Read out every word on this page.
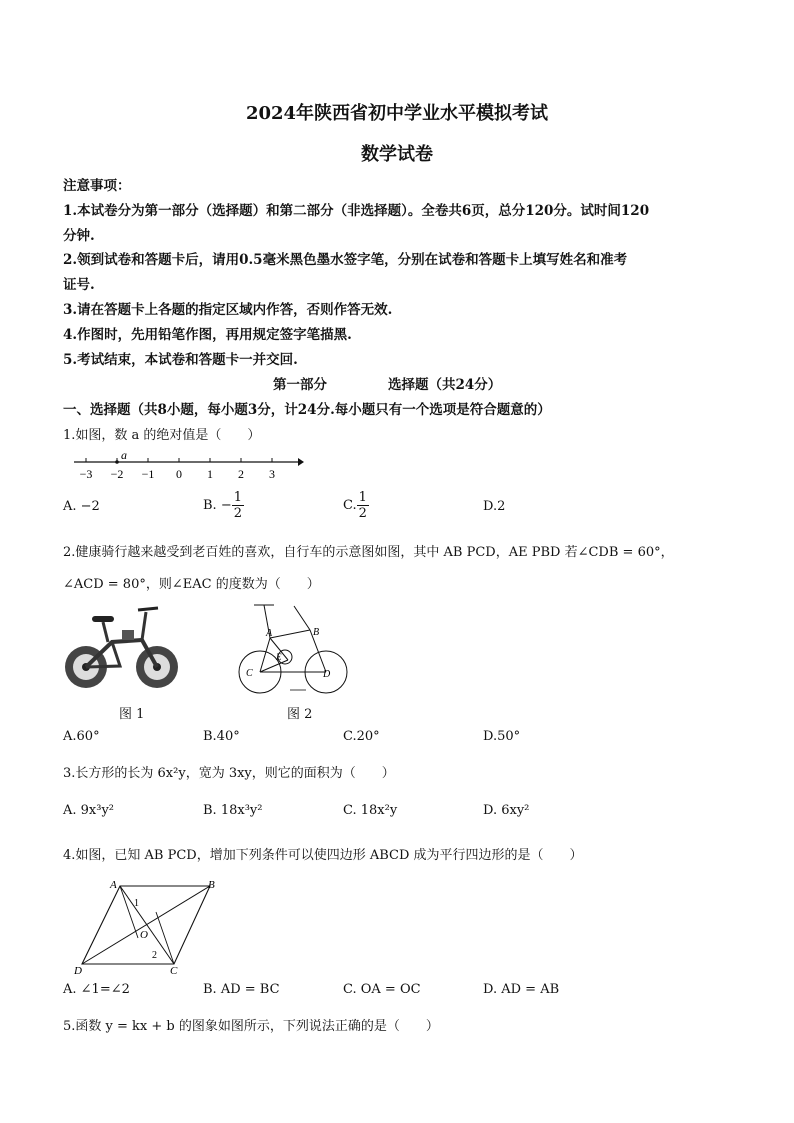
2024年陕西省初中学业水平模拟考试
数学试卷
注意事项：
1.本试卷分为第一部分（选择题）和第二部分（非选择题）。全卷共6页，总分120分。试时间120
分钟.
2.领到试卷和答题卡后，请用0.5毫米黑色墨水签字笔，分别在试卷和答题卡上填写姓名和准考
证号.
3.请在答题卡上各题的指定区域内作答，否则作答无效.
4.作图时，先用铅笔作图，再用规定签字笔描黑.
5.考试结束，本试卷和答题卡一并交回.
第一部分	选择题（共24分）
一、选择题（共8小题，每小题3分，计24分.每小题只有一个选项是符合题意的）
1.如图，数 a 的绝对值是（　　）
−3 −2 −1 0 1 2 3
a
A. −2	B. − $\frac{1}{2}$	C. $\frac{1}{2}$	D.2
2.健康骑行越来越受到老百姓的喜欢，自行车的示意图如图，其中 AB PCD，AE PBD 若∠CDB = 60°，
∠ACD = 80°，则∠EAC 的度数为（　　）
A	B
E
C	D
图 1	图 2
A.60°	B.40°	C.20°	D.50°
3.长方形的长为 6x²y，宽为 3xy，则它的面积为（　　）
A. 9x³y²	B. 18x³y²	C. 18x²y	D. 6xy²
4.如图，已知 AB PCD，增加下列条件可以使四边形 ABCD 成为平行四边形的是（　　）
A	B
C
D
O
1
2
A. ∠1=∠2	B. AD = BC	C. OA = OC	D. AD = AB
5.函数 y = kx + b 的图象如图所示，下列说法正确的是（　　）
